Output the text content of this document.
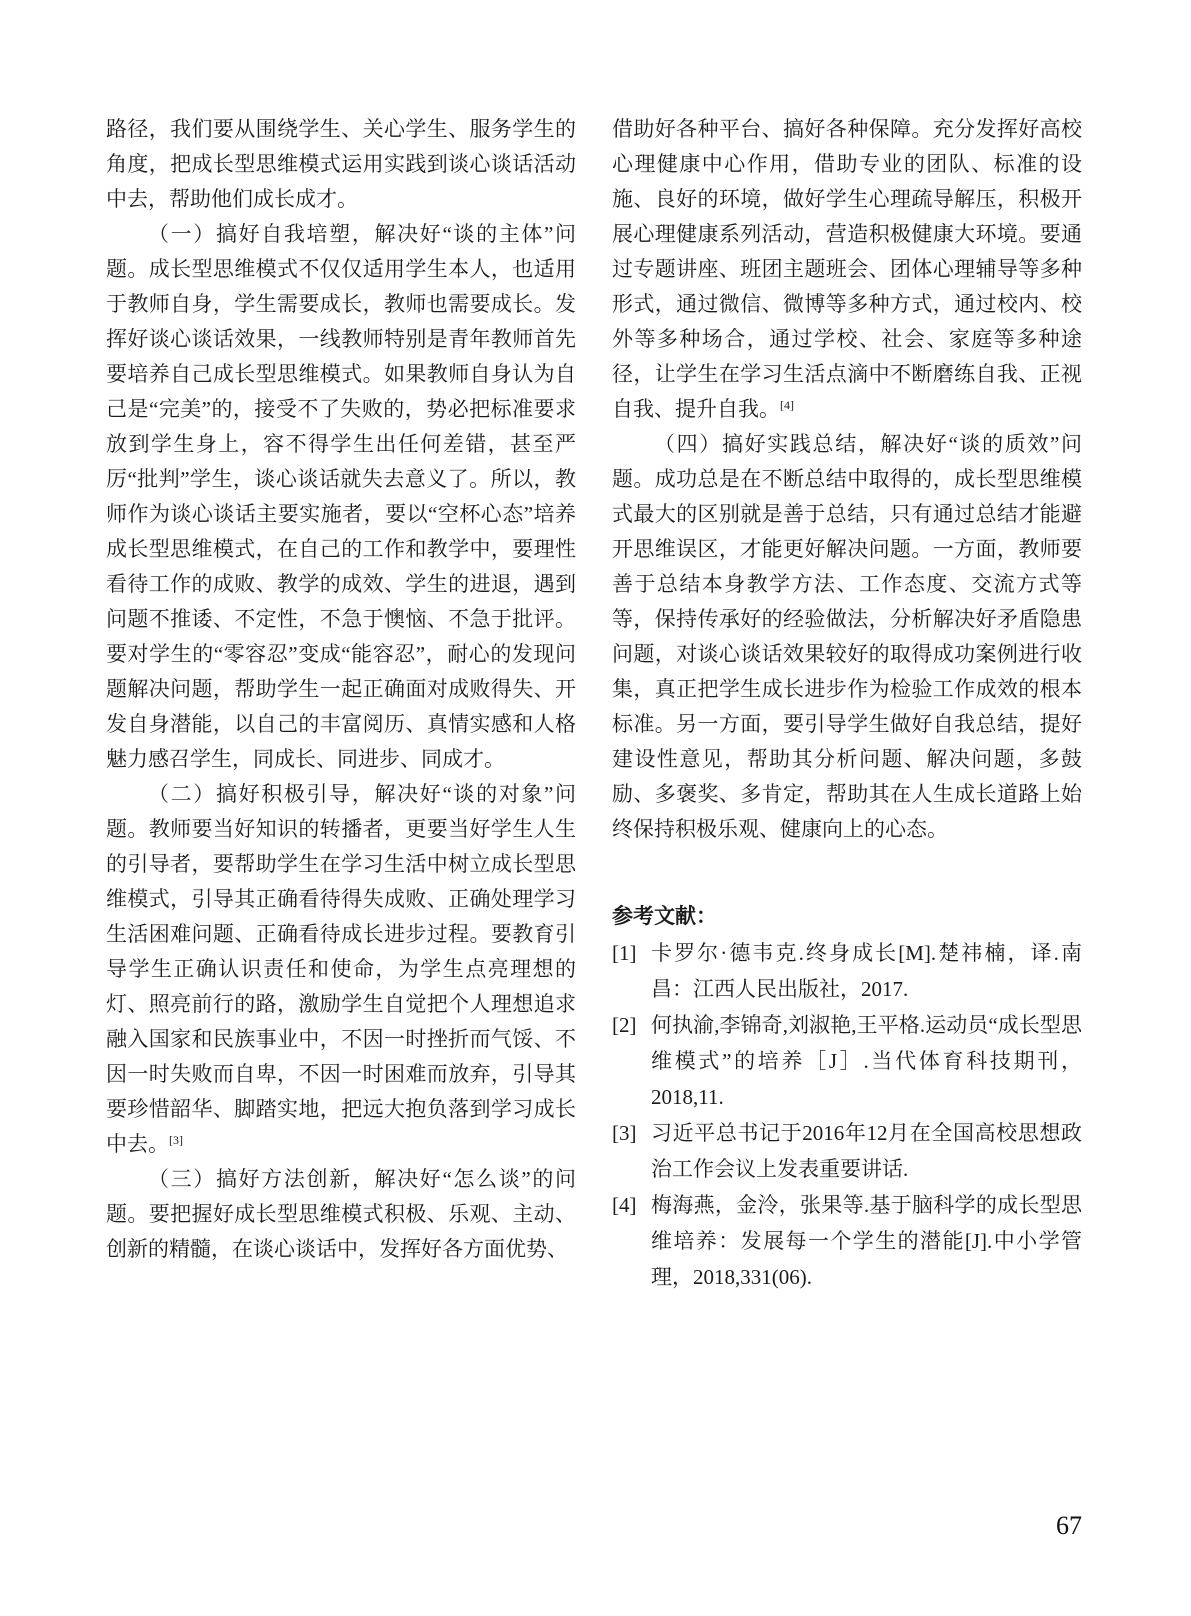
路径，我们要从围绕学生、关心学生、服务学生的角度，把成长型思维模式运用实践到谈心谈话活动中去，帮助他们成长成才。

（一）搞好自我培塑，解决好“谈的主体”问题。成长型思维模式不仅仅适用学生本人，也适用于教师自身，学生需要成长，教师也需要成长。发挥好谈心谈话效果，一线教师特别是青年教师首先要培养自己成长型思维模式。如果教师自身认为自己是“完美”的，接受不了失败的，势必把标准要求放到学生身上，容不得学生出任何差错，甚至严厉“批判”学生，谈心谈话就失去意义了。所以，教师作为谈心谈话主要实施者，要以“空杯心态”培养成长型思维模式，在自己的工作和教学中，要理性看待工作的成败、教学的成效、学生的进退，遇到问题不推诿、不定性，不急于懊恼、不急于批评。要对学生的“零容忍”变成“能容忍”，耐心的发现问题解决问题，帮助学生一起正确面对成败得失、开发自身潜能，以自己的丰富阅历、真情实感和人格魅力感召学生，同成长、同进步、同成才。

（二）搞好积极引导，解决好“谈的对象”问题。教师要当好知识的转播者，更要当好学生人生的引导者，要帮助学生在学习生活中树立成长型思维模式，引导其正确看待得失成败、正确处理学习生活困难问题、正确看待成长进步过程。要教育引导学生正确认识责任和使命，为学生点亮理想的灯、照亮前行的路，激励学生自觉把个人理想追求融入国家和民族事业中，不因一时挫折而气馁、不因一时失败而自卑，不因一时困难而放弃，引导其要珍惜韶华、脚踏实地，把远大抱负落到学习成长中去。[3]

（三）搞好方法创新，解决好“怎么谈”的问题。要把握好成长型思维模式积极、乐观、主动、创新的精髓，在谈心谈话中，发挥好各方面优势、

借助好各种平台、搞好各种保障。充分发挥好高校心理健康中心作用，借助专业的团队、标准的设施、良好的环境，做好学生心理疏导解压，积极开展心理健康系列活动，营造积极健康大环境。要通过专题讲座、班团主题班会、团体心理辅导等多种形式，通过微信、微博等多种方式，通过校内、校外等多种场合，通过学校、社会、家庭等多种途径，让学生在学习生活点滴中不断磨练自我、正视自我、提升自我。[4]

（四）搞好实践总结，解决好“谈的质效”问题。成功总是在不断总结中取得的，成长型思维模式最大的区别就是善于总结，只有通过总结才能避开思维误区，才能更好解决问题。一方面，教师要善于总结本身教学方法、工作态度、交流方式等等，保持传承好的经验做法，分析解决好矛盾隐患问题，对谈心谈话效果较好的取得成功案例进行收集，真正把学生成长进步作为检验工作成效的根本标准。另一方面，要引导学生做好自我总结，提好建设性意见，帮助其分析问题、解决问题，多鼓励、多褒奖、多肯定，帮助其在人生成长道路上始终保持积极乐观、健康向上的心态。

参考文献：
[1] 卡罗尔·德韦克.终身成长[M].楚祎楠，译.南昌：江西人民出版社，2017.
[2] 何执渝,李锦奇,刘淑艳,王平格.运动员“成长型思维模式”的培养［J］.当代体育科技期刊，2018,11.
[3] 习近平总书记于2016年12月在全国高校思想政治工作会议上发表重要讲话.
[4] 梅海燕，金泠，张果等.基于脑科学的成长型思维培养：发展每一个学生的潜能[J].中小学管理，2018,331(06).
67
